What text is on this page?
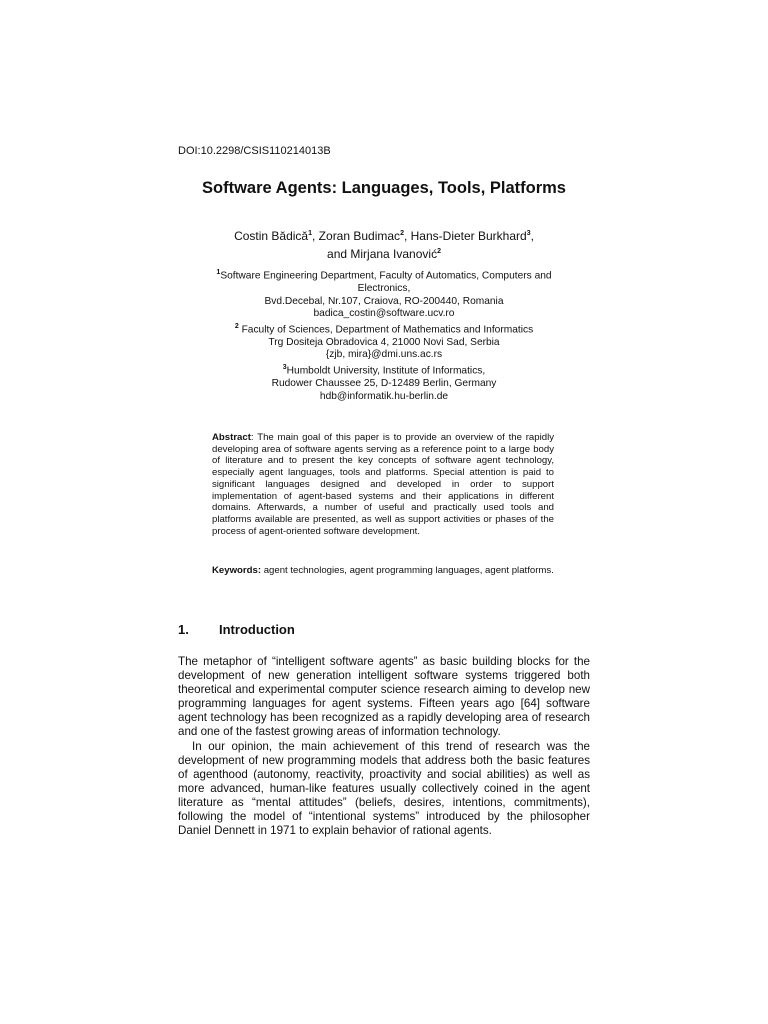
DOI:10.2298/CSIS110214013B
Software Agents: Languages, Tools, Platforms
Costin Bădică$^1$, Zoran Budimac$^2$, Hans-Dieter Burkhard$^3$,
and Mirjana Ivanović$^2$
$^1$Software Engineering Department, Faculty of Automatics, Computers and Electronics,
Bvd.Decebal, Nr.107, Craiova, RO-200440, Romania
badica_costin@software.ucv.ro
$^2$ Faculty of Sciences, Department of Mathematics and Informatics
Trg Dositeja Obradovica 4, 21000 Novi Sad, Serbia
{zjb, mira}@dmi.uns.ac.rs
$^3$Humboldt University, Institute of Informatics,
Rudower Chaussee 25, D-12489 Berlin, Germany
hdb@informatik.hu-berlin.de
Abstract: The main goal of this paper is to provide an overview of the rapidly developing area of software agents serving as a reference point to a large body of literature and to present the key concepts of software agent technology, especially agent languages, tools and platforms. Special attention is paid to significant languages designed and developed in order to support implementation of agent-based systems and their applications in different domains. Afterwards, a number of useful and practically used tools and platforms available are presented, as well as support activities or phases of the process of agent-oriented software development.
Keywords: agent technologies, agent programming languages, agent platforms.
1. Introduction

The metaphor of “intelligent software agents” as basic building blocks for the development of new generation intelligent software systems triggered both theoretical and experimental computer science research aiming to develop new programming languages for agent systems. Fifteen years ago [64] software agent technology has been recognized as a rapidly developing area of research and one of the fastest growing areas of information technology.

In our opinion, the main achievement of this trend of research was the development of new programming models that address both the basic features of agenthood (autonomy, reactivity, proactivity and social abilities) as well as more advanced, human-like features usually collectively coined in the agent literature as “mental attitudes” (beliefs, desires, intentions, commitments), following the model of “intentional systems” introduced by the philosopher Daniel Dennett in 1971 to explain behavior of rational agents.
